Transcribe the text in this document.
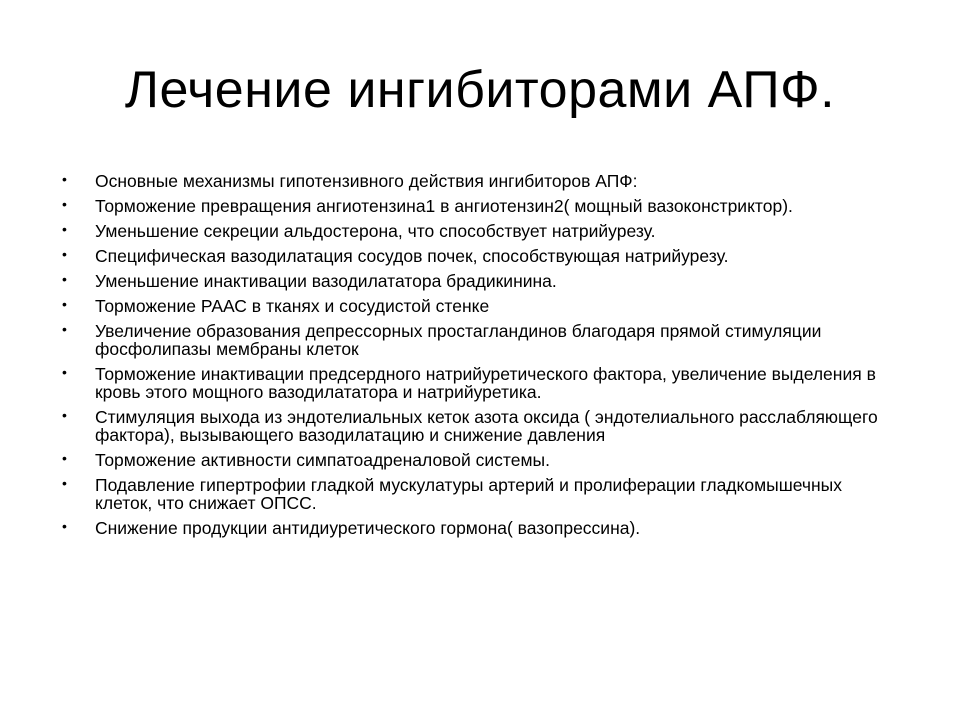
Лечение ингибиторами АПФ.
• Основные механизмы гипотензивного действия ингибиторов АПФ:
• Торможение превращения ангиотензина1 в ангиотензин2( мощный вазоконстриктор).
• Уменьшение секреции альдостерона, что способствует натрийурезу.
• Специфическая вазодилатация сосудов почек, способствующая натрийурезу.
• Уменьшение инактивации вазодилататора брадикинина.
• Торможение РААС в тканях и сосудистой стенке
• Увеличение образования депрессорных простагландинов благодаря прямой стимуляции фосфолипазы мембраны клеток
• Торможение инактивации предсердного натрийуретического фактора, увеличение выделения в кровь этого мощного вазодилататора и натрийуретика.
• Стимуляция выхода из эндотелиальных кеток азота оксида ( эндотелиального расслабляющего фактора), вызывающего вазодилатацию и снижение давления
• Торможение активности симпатоадреналовой системы.
• Подавление гипертрофии гладкой мускулатуры артерий и пролиферации гладкомышечных клеток, что снижает ОПСС.
• Снижение продукции антидиуретического гормона( вазопрессина).
